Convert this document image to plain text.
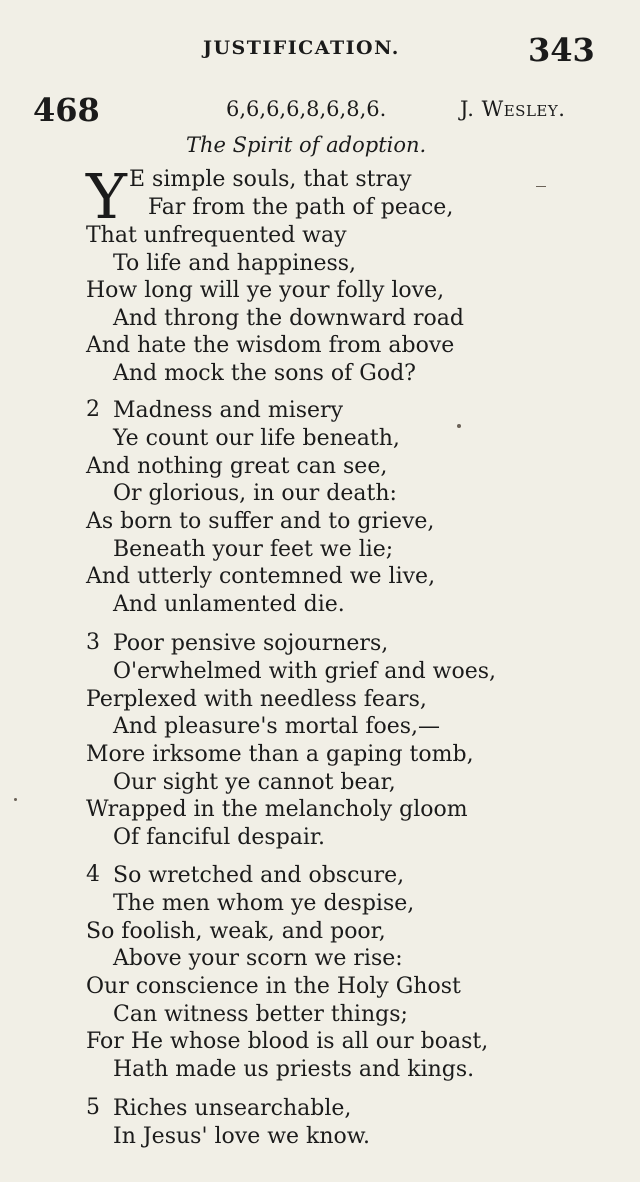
JUSTIFICATION.	343
468	6,6,6,6,8,6,8,6.	J. Wesley.
The Spirit of adoption.
Y E simple souls, that stray
Far from the path of peace,
That unfrequented way
To life and happiness,
How long will ye your folly love,
And throng the downward road
And hate the wisdom from above
And mock the sons of God?
2 Madness and misery
Ye count our life beneath,
And nothing great can see,
Or glorious, in our death:
As born to suffer and to grieve,
Beneath your feet we lie;
And utterly contemned we live,
And unlamented die.
3 Poor pensive sojourners,
O'erwhelmed with grief and woes,
Perplexed with needless fears,
And pleasure's mortal foes,—
More irksome than a gaping tomb,
Our sight ye cannot bear,
Wrapped in the melancholy gloom
Of fanciful despair.
4 So wretched and obscure,
The men whom ye despise,
So foolish, weak, and poor,
Above your scorn we rise:
Our conscience in the Holy Ghost
Can witness better things;
For He whose blood is all our boast,
Hath made us priests and kings.
5 Riches unsearchable,
In Jesus' love we know.
